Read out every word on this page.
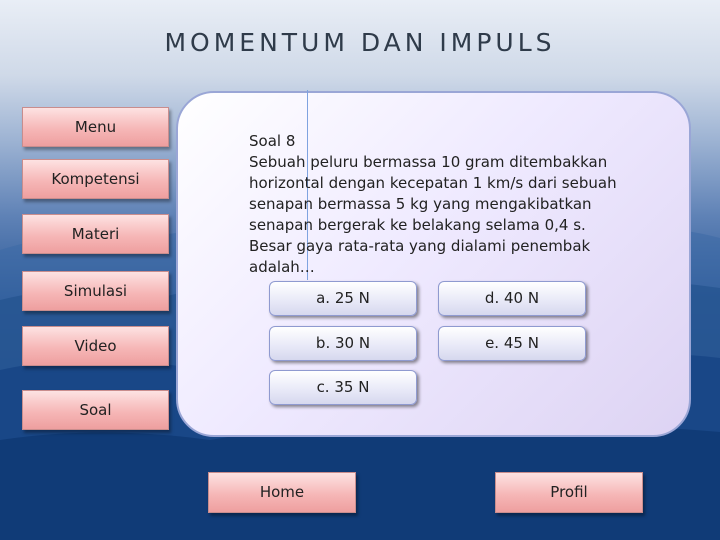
MOMENTUM DAN IMPULS
Menu
Kompetensi
Materi
Simulasi
Video
Soal
Soal 8
Sebuah peluru bermassa 10 gram ditembakkan
horizontal dengan kecepatan 1 km/s dari sebuah
senapan bermassa 5 kg yang mengakibatkan
senapan bergerak ke belakang selama 0,4 s.
Besar gaya rata-rata yang dialami penembak
adalah…
a. 25 N	d. 40 N
b. 30 N	e. 45 N
c. 35 N
Home	Profil
